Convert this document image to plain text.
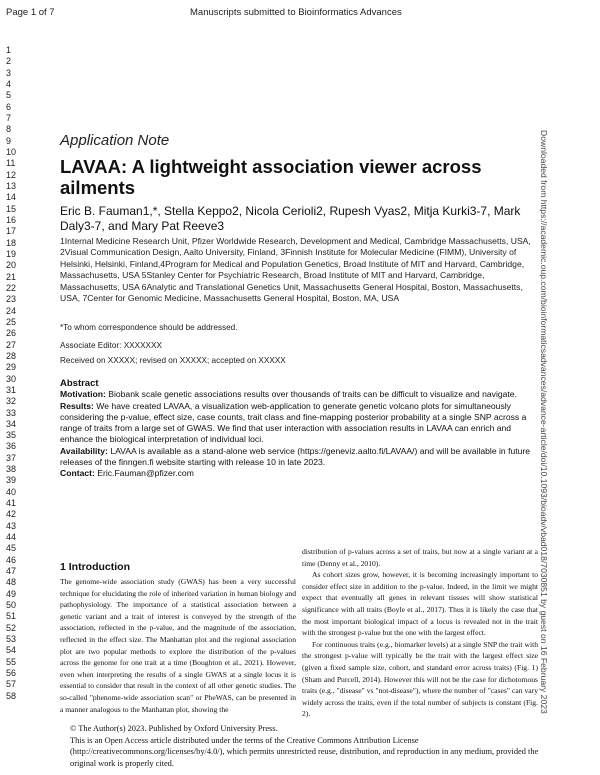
Page 1 of 7	Manuscripts submitted to Bioinformatics Advances
1
2
3
4
5
6
7
8
9
10
11
12
13
14
15
16
17
18
19
20
21
22
23
24
25
26
27
28
29
30
31
32
33
34
35
36
37
38
39
40
41
42
43
44
45
46
47
48
49
50
51
52
53
54
55
56
57
58	Downloaded from https://academic.oup.com/bioinformaticsadvances/advance-article/doi/10.1093/bioadv/vbad018/7030851 by guest on 16 February 2023
Application Note
LAVAA: A lightweight association viewer across ailments
Eric B. Fauman1,*, Stella Keppo2, Nicola Cerioli2, Rupesh Vyas2, Mitja Kurki3-7, Mark Daly3-7, and Mary Pat Reeve3
1Internal Medicine Research Unit, Pfizer Worldwide Research, Development and Medical, Cambridge Massachusetts, USA, 2Visual Communication Design, Aalto University, Finland, 3Finnish Institute for Molecular Medicine (FIMM), University of Helsinki, Helsinki, Finland,4Program for Medical and Population Genetics, Broad Institute of MIT and Harvard, Cambridge, Massachusetts, USA 5Stanley Center for Psychiatric Research, Broad Institute of MIT and Harvard, Cambridge, Massachusetts, USA 6Analytic and Translational Genetics Unit, Massachusetts General Hospital, Boston, Massachusetts, USA, 7Center for Genomic Medicine, Massachusetts General Hospital, Boston, MA, USA
*To whom correspondence should be addressed.
Associate Editor: XXXXXXX
Received on XXXXX; revised on XXXXX; accepted on XXXXX
Abstract
Motivation: Biobank scale genetic associations results over thousands of traits can be difficult to visualize and navigate.
Results: We have created LAVAA, a visualization web-application to generate genetic volcano plots for simultaneously considering the p-value, effect size, case counts, trait class and fine-mapping posterior probability at a single SNP across a range of traits from a large set of GWAS. We find that user interaction with association results in LAVAA can enrich and enhance the biological interpretation of individual loci.
Availability: LAVAA is available as a stand-alone web service (https://geneviz.aalto.fi/LAVAA/) and will be available in future releases of the finngen.fi website starting with release 10 in late 2023.
Contact: Eric.Fauman@pfizer.com
1 Introduction

The genome-wide association study (GWAS) has been a very successful technique for elucidating the role of inherited variation in human biology and pathophysiology. The importance of a statistical association between a genetic variant and a trait of interest is conveyed by the strength of the association, reflected in the p-value, and the magnitude of the association, reflected in the effect size. The Manhattan plot and the regional association plot are two popular methods to explore the distribution of the p-values across the genome for one trait at a time (Boughton et al., 2021). However, even when interpreting the results of a single GWAS at a single locus it is essential to consider that result in the context of all other genetic studies. The so-called "phenome-wide association scan" or PheWAS, can be presented in a manner analogous to the Manhattan plot, showing the

distribution of p-values across a set of traits, but now at a single variant at a time (Denny et al., 2010).

As cohort sizes grow, however, it is becoming increasingly important to consider effect size in addition to the p-value. Indeed, in the limit we might expect that eventually all genes in relevant tissues will show statistical significance with all traits (Boyle et al., 2017). Thus it is likely the case that the most important biological impact of a locus is revealed not in the trait with the strongest p-value but the one with the largest effect.

For continuous traits (e.g., biomarker levels) at a single SNP the trait with the strongest p-value will typically be the trait with the largest effect size (given a fixed sample size, cohort, and standard error across traits) (Fig. 1) (Sham and Purcell, 2014). However this will not be the case for dichotomous traits (e.g., "disease" vs "not-disease"), where the number of "cases" can vary widely across the traits, even if the total number of subjects is constant (Fig. 2).

© The Author(s) 2023. Published by Oxford University Press.
This is an Open Access article distributed under the terms of the Creative Commons Attribution License (http://creativecommons.org/licenses/by/4.0/), which permits unrestricted reuse, distribution, and reproduction in any medium, provided the original work is properly cited.
